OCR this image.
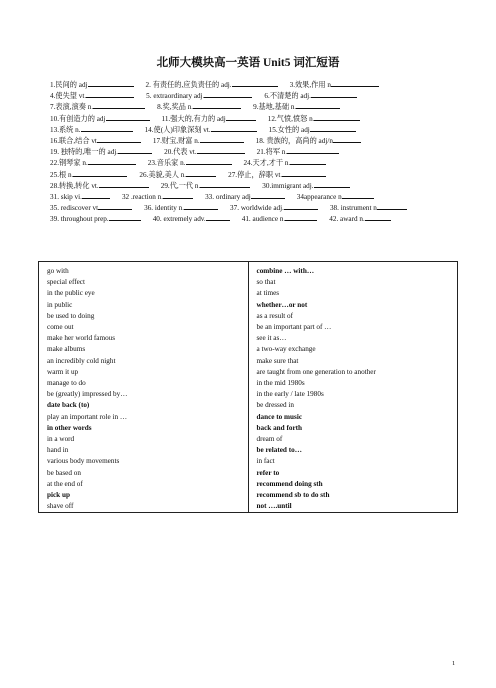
北师大模块高一英语 Unit5 词汇短语
1.民间的 adj	2. 有责任的,应负责任的 adj.	3.效果,作用 n
4.使失望 vt.	5. extraordinary adj.	6.不清楚的 adj.
7.表演,演奏 n.	8.奖,奖品 n.	9.基地,基础 n.
10.有创造力的 adj	11.强大的,有力的 adj	12.气愤,愤怒 n.
13.系统 n.	14.使(人)印象深刻 vt.	15.女性的 adj
16.联合,结合 vt	17.财宝,财富 n.	18. 贵族的，高尚的 adj/n
19. 独特的,唯一的 adj.	20.代表 vt.	21.将军 n.
22.钢琴家 n.	23.音乐家 n.	24.天才,才干 n.
25.根 n.	26.美貌,美人 n.	27.停止，辞职 vt.
28.转换,转化 vt.	29.代,一代 n.	30.immigrant adj.
31. skip vi.	32 .reaction n.	33. ordinary adj	34appearance n
35. rediscover vt	36. identity n.	37. worldwide adj.	38. instrument n
39. throughout prep.	40. extremely adv.	41. audience n.	42. award n.
go with	combine … with…
special effect	so that
in the public eye	at times
in public	whether…or not
be used to doing	as a result of
come out	be an important part of …
make her world famous	see it as…
make albums	a two-way exchange
an incredibly cold night	make sure that
warm it up	are taught from one generation to another
manage to do	in the mid 1980s
be (greatly) impressed by…	in the early / late 1980s
date back (to)	be dressed in
play an important role in …	dance to music
in other words	back and forth
in a word	dream of
hand in	be related to…
various body movements	in fact
be based on	refer to
at the end of	recommend doing sth
pick up	recommend sb to do sth
shave off	not ….until
1
